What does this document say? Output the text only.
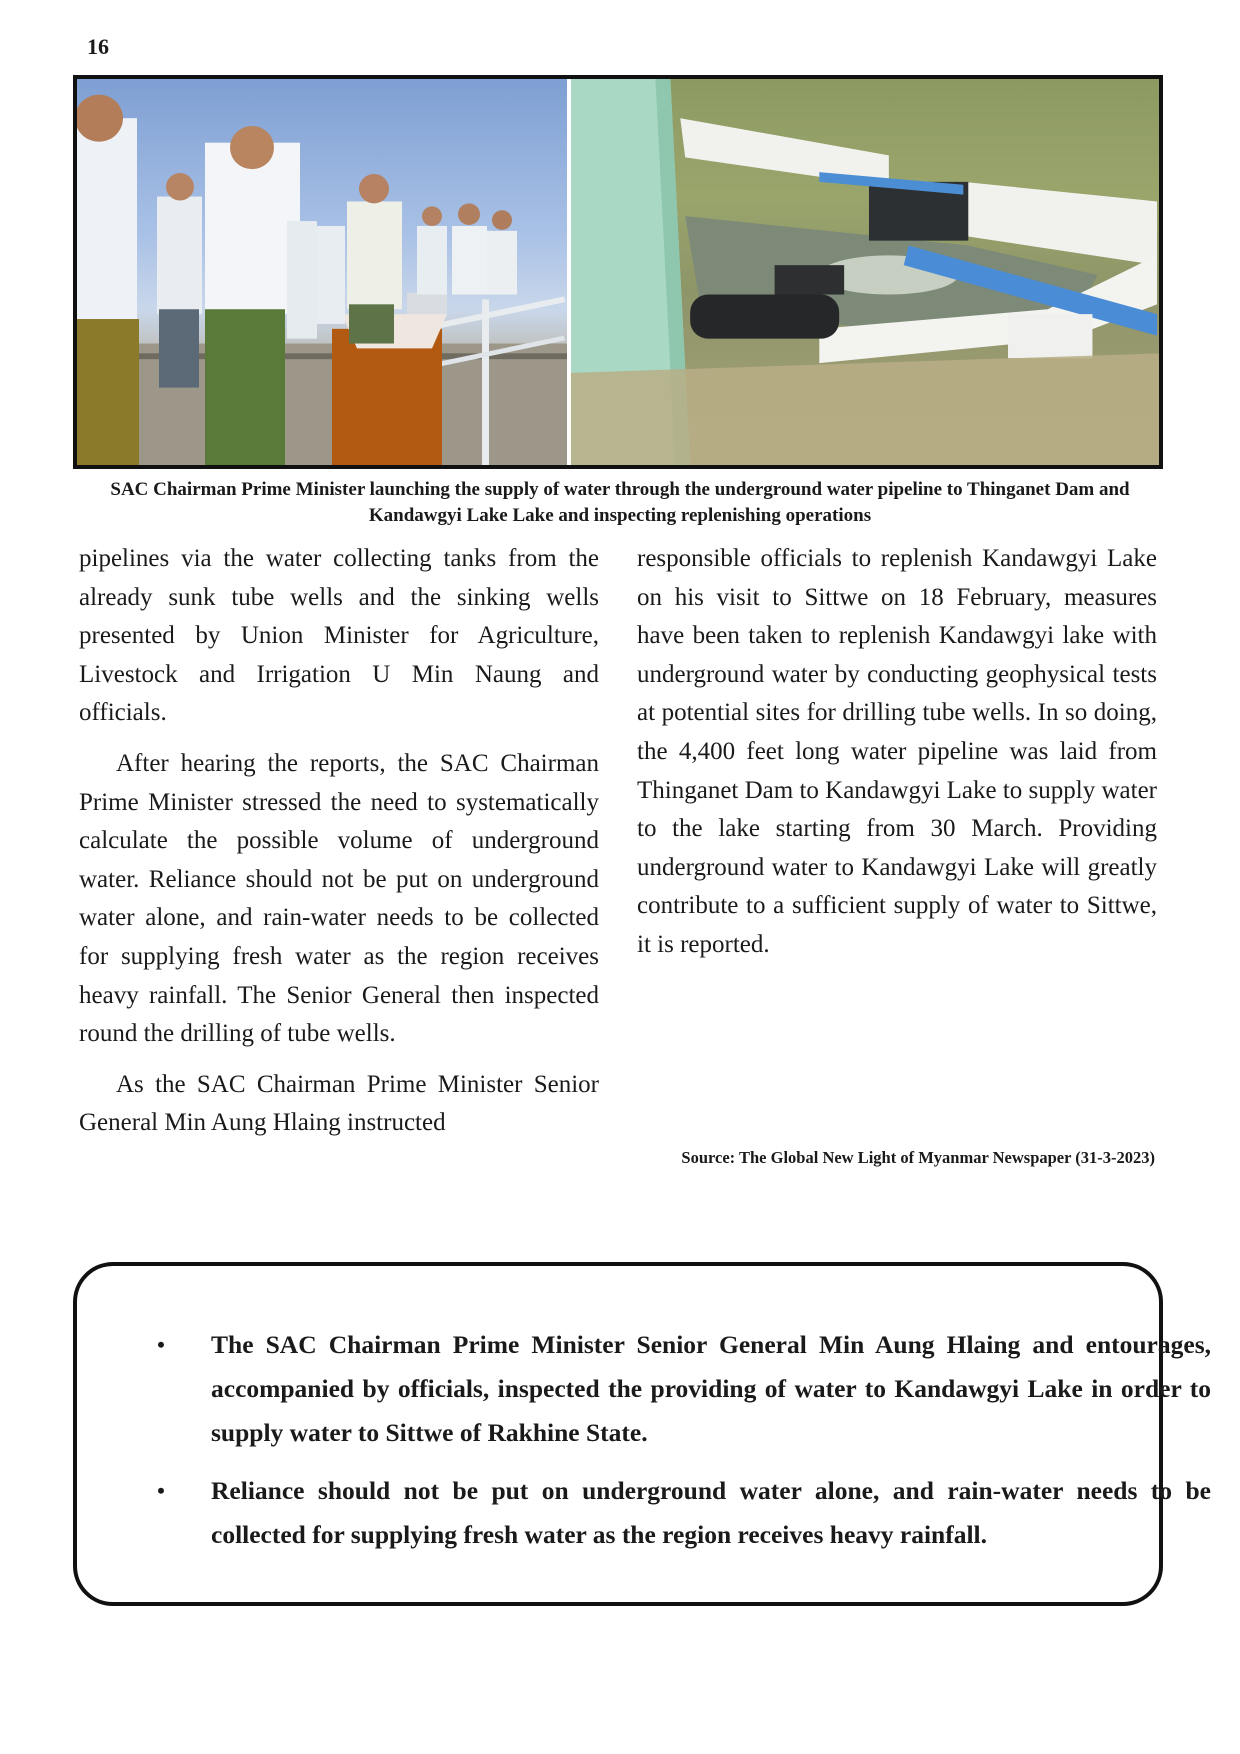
16
SAC Chairman Prime Minister launching the supply of water through the underground water pipeline to Thinganet Dam and Kandawgyi Lake Lake and inspecting replenishing operations

pipelines via the water collecting tanks from the already sunk tube wells and the sinking wells presented by Union Minister for Agriculture, Livestock and Irrigation U Min Naung and officials.

After hearing the reports, the SAC Chairman Prime Minister stressed the need to systematically calculate the possible volume of underground water. Reliance should not be put on underground water alone, and rain-water needs to be collected for supplying fresh water as the region receives heavy rainfall. The Senior General then inspected round the drilling of tube wells.

As the SAC Chairman Prime Minister Senior General Min Aung Hlaing instructed

responsible officials to replenish Kandawgyi Lake on his visit to Sittwe on 18 February, measures have been taken to replenish Kandawgyi lake with underground water by conducting geophysical tests at potential sites for drilling tube wells. In so doing, the 4,400 feet long water pipeline was laid from Thinganet Dam to Kandawgyi Lake to supply water to the lake starting from 30 March. Providing underground water to Kandawgyi Lake will greatly contribute to a sufficient supply of water to Sittwe, it is reported.

Source: The Global New Light of Myanmar Newspaper (31-3-2023)
•	The SAC Chairman Prime Minister Senior General Min Aung Hlaing and entourages, accompanied by officials, inspected the providing of water to Kandawgyi Lake in order to supply water to Sittwe of Rakhine State.
•	Reliance should not be put on underground water alone, and rain-water needs to be collected for supplying fresh water as the region receives heavy rainfall.
